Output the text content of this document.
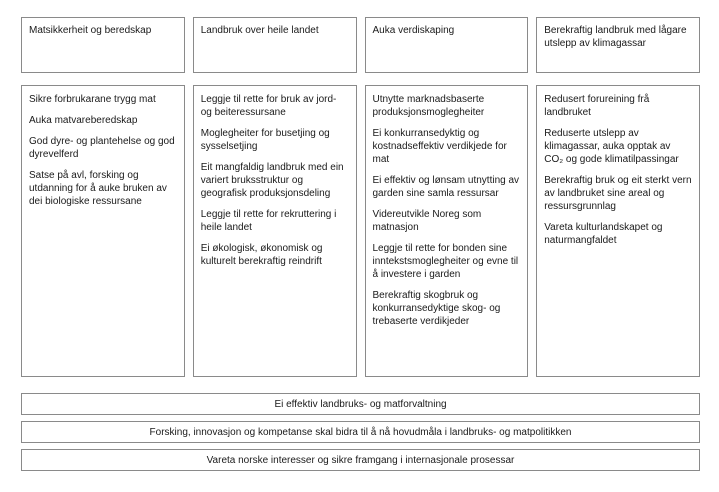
Matsikkerheit og beredskap	Landbruk over heile landet	Auka verdiskaping	Berekraftig landbruk med lågare utslepp av klimagassar

Sikre forbrukarane trygg mat

Auka matvareberedskap

God dyre- og plantehelse og god dyrevelferd

Satse på avl, forsking og utdanning for å auke bruken av dei biologiske ressursane

Leggje til rette for bruk av jord- og beiteressursane

Moglegheiter for busetjing og sysselsetjing

Eit mangfaldig landbruk med ein variert bruksstruktur og geografisk produksjonsdeling

Leggje til rette for rekruttering i heile landet

Ei økologisk, økonomisk og kulturelt berekraftig reindrift

Utnytte marknadsbaserte produksjonsmoglegheiter

Ei konkurransedyktig og kostnadseffektiv verdikjede for mat

Ei effektiv og lønsam utnytting av garden sine samla ressursar

Videreutvikle Noreg som matnasjon

Leggje til rette for bonden sine inntekstsmoglegheiter og evne til å investere i garden

Berekraftig skogbruk og konkurransedyktige skog- og trebaserte verdikjeder

Redusert forureining frå landbruket

Reduserte utslepp av klimagassar, auka opptak av CO₂ og gode klimatilpassingar

Berekraftig bruk og eit sterkt vern av landbruket sine areal og ressursgrunnlag

Vareta kulturlandskapet og naturmangfaldet

Ei effektiv landbruks- og matforvaltning
Forsking, innovasjon og kompetanse skal bidra til å nå hovudmåla i landbruks- og matpolitikken
Vareta norske interesser og sikre framgang i internasjonale prosessar
